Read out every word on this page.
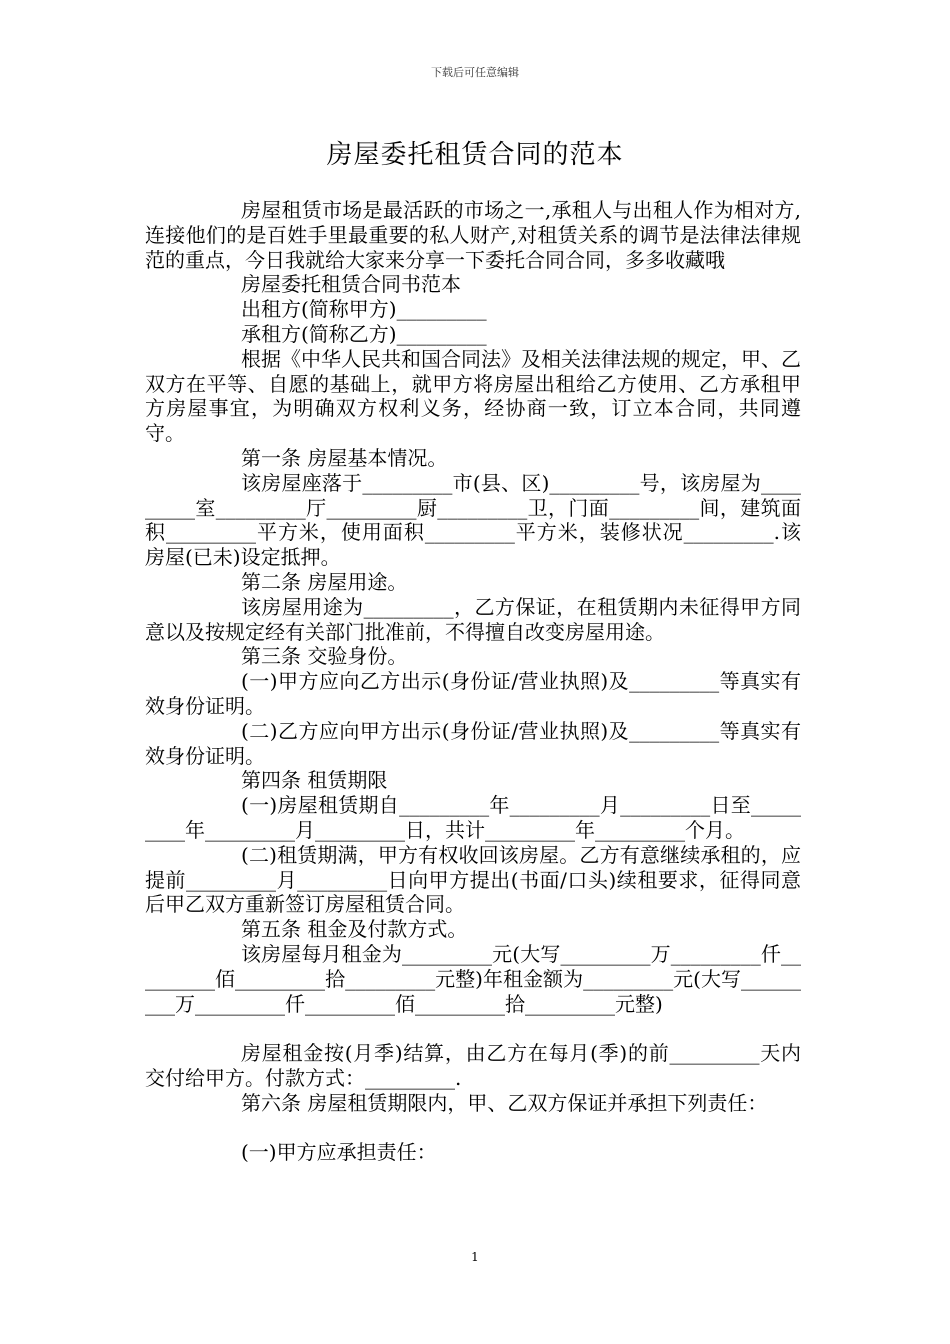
下载后可任意编辑
房屋委托租赁合同的范本

房屋租赁市场是最活跃的市场之一,承租人与出租人作为相对方,连接他们的是百姓手里最重要的私人财产,对租赁关系的调节是法律法律规范的重点，今日我就给大家来分享一下委托合同合同，多多收藏哦

房屋委托租赁合同书范本

出租方(简称甲方)_________

承租方(简称乙方)_________

根据《中华人民共和国合同法》及相关法律法规的规定，甲、乙双方在平等、自愿的基础上，就甲方将房屋出租给乙方使用、乙方承租甲方房屋事宜，为明确双方权利义务，经协商一致，订立本合同，共同遵守。

第一条 房屋基本情况。

该房屋座落于_________市(县、区)_________号，该房屋为_________室_________厅_________厨_________卫，门面_________间，建筑面积_________平方米，使用面积_________平方米，装修状况_________.该房屋(已未)设定抵押。

第二条 房屋用途。

该房屋用途为_________，乙方保证，在租赁期内未征得甲方同意以及按规定经有关部门批准前，不得擅自改变房屋用途。

第三条 交验身份。

(一)甲方应向乙方出示(身份证/营业执照)及_________等真实有效身份证明。

(二)乙方应向甲方出示(身份证/营业执照)及_________等真实有效身份证明。

第四条 租赁期限

(一)房屋租赁期自_________年_________月_________日至_________年_________月_________日，共计_________年_________个月。

(二)租赁期满，甲方有权收回该房屋。乙方有意继续承租的，应提前_________月_________日向甲方提出(书面/口头)续租要求，征得同意后甲乙双方重新签订房屋租赁合同。

第五条 租金及付款方式。

该房屋每月租金为_________元(大写_________万_________仟_________佰_________拾_________元整)年租金额为_________元(大写_________万_________仟_________佰_________拾_________元整)

房屋租金按(月季)结算，由乙方在每月(季)的前_________天内交付给甲方。付款方式：_________.

第六条 房屋租赁期限内，甲、乙双方保证并承担下列责任：

(一)甲方应承担责任：

1
